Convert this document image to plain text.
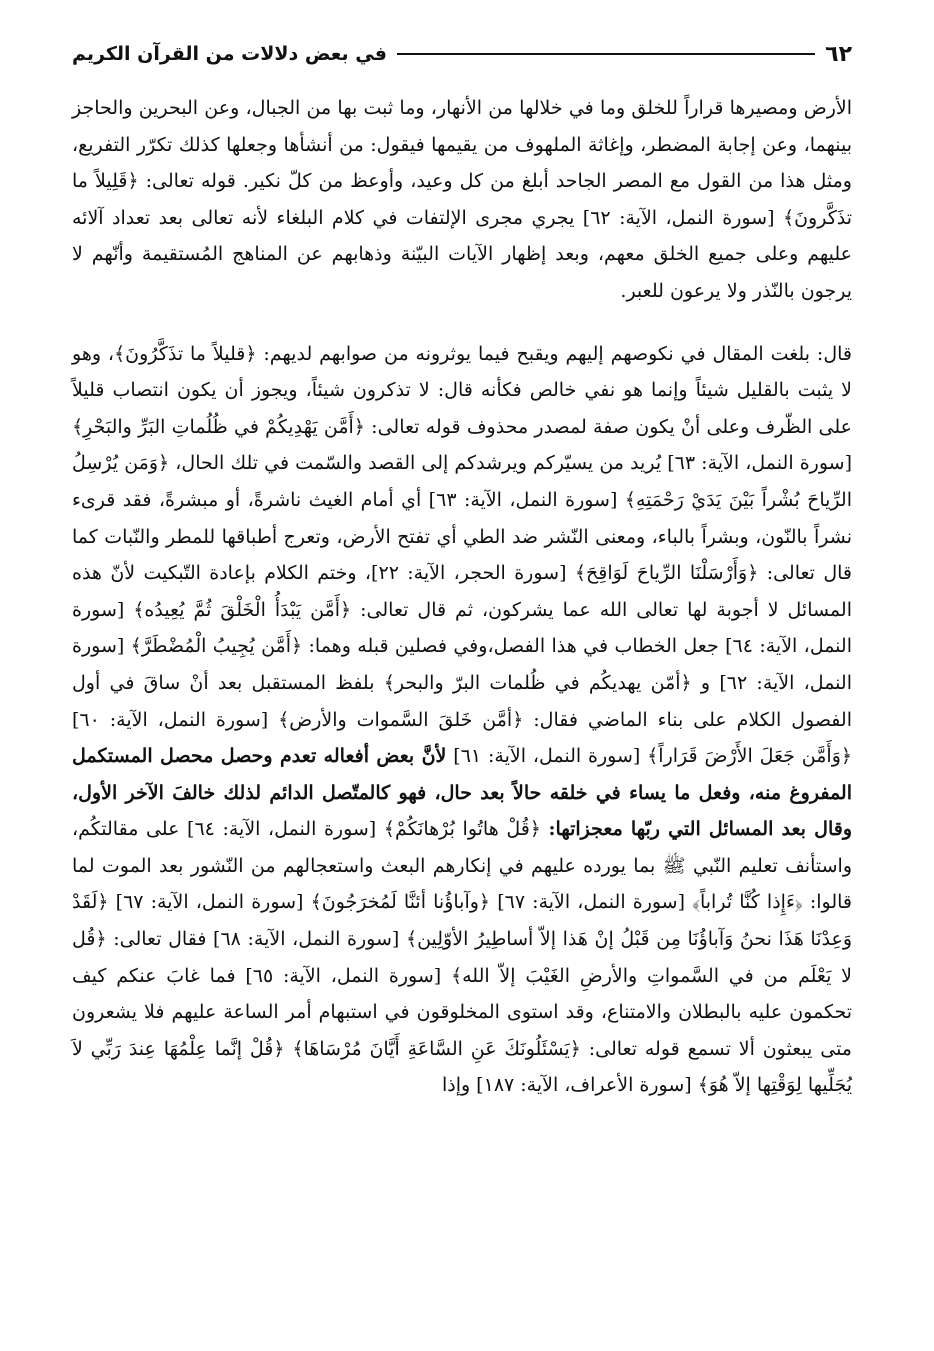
٦٢
في بعض دلالات من القرآن الكريم

الأرض ومصيرها قراراً للخلق وما في خلالها من الأنهار، وما ثبت بها من الجبال، وعن البحرين والحاجز بينهما، وعن إجابة المضطر، وإغاثة الملهوف من يقيمها فيقول: من أنشأها وجعلها كذلك تكرّر التفريع، ومثل هذا من القول مع المصر الجاحد أبلغ من كل وعيد، وأوعظ من كلّ نكير. قوله تعالى: ﴿قَلِيلاً ما تذَكَّرونَ﴾ [سورة النمل، الآية: ٦٢] يجري مجرى الإلتفات في كلام البلغاء لأنه تعالى بعد تعداد آلائه عليهم وعلى جميع الخلق معهم، وبعد إظهار الآيات البيّنة وذهابهم عن المناهج المُستقيمة وأنّهم لا يرجون بالنّذر ولا يرعون للعبر.

قال: بلغت المقال في نكوصهم إليهم ويقبح فيما يوثرونه من صوابهم لديهم: ﴿قليلاً ما تذَكَّرُونَ﴾، وهو لا يثبت بالقليل شيئاً وإنما هو نفي خالص فكأنه قال: لا تذكرون شيئاً، ويجوز أن يكون انتصاب قليلاً على الظّرف وعلى أنْ يكون صفة لمصدر محذوف قوله تعالى: ﴿أَمَّن يَهْدِيكُمْ في ظُلُماتِ البَرِّ والبَحْرِ﴾ [سورة النمل، الآية: ٦٣] يُريد من يسيّركم ويرشدكم إلى القصد والسّمت في تلك الحال، ﴿وَمَن يُرْسِلُ الرِّياحَ بُشْراً بَيْنَ يَدَيْ رَحْمَتِهِ﴾ [سورة النمل، الآية: ٦٣] أي أمام الغيث ناشرةً، أو مبشرةً، فقد قرىء نشراً بالنّون، وبشراً بالباء، ومعنى النّشر ضد الطي أي تفتح الأرض، وتعرج أطباقها للمطر والنّبات كما قال تعالى: ﴿وَأَرْسَلْنَا الرِّياحَ لَوَاقِحَ﴾ [سورة الحجر، الآية: ٢٢]، وختم الكلام بإعادة التّبكيت لأنّ هذه المسائل لا أجوبة لها تعالى الله عما يشركون، ثم قال تعالى: ﴿أَمَّن يَبْدَأُ الْخَلْقَ ثُمَّ يُعِيدُه﴾ [سورة النمل، الآية: ٦٤] جعل الخطاب في هذا الفصل،وفي فصلين قبله وهما: ﴿أَمَّن يُجِيبُ الْمُضْطَرَّ﴾ [سورة النمل، الآية: ٦٢] و ﴿أمّن يهديكُم في ظُلمات البرّ والبحر﴾ بلفظ المستقبل بعد أنْ ساقَ في أول الفصول الكلام على بناء الماضي فقال: ﴿أمَّن خَلقَ السَّموات والأرض﴾ [سورة النمل، الآية: ٦٠] ﴿وَأَمَّن جَعَلَ الأَرْضَ قَرَاراً﴾ [سورة النمل، الآية: ٦١] لأنَّ بعض أفعاله تعدم وحصل محصل المستكمل المفروغ منه، وفعل ما يساء في خلقه حالاً بعد حال، فهو كالمتّصل الدائم لذلك خالفَ الآخر الأول، وقال بعد المسائل التي ربّها معجزاتها: ﴿قُلْ هاتُوا بُرْهانَكُمْ﴾ [سورة النمل، الآية: ٦٤] على مقالتكُم، واستأنف تعليم النّبي ﷺ بما يورده عليهم في إنكارهم البعث واستعجالهم من النّشور بعد الموت لما قالوا: ﴿ءَإِذا كُنَّا تُراباً﴾ [سورة النمل، الآية: ٦٧] ﴿وآباؤُنا أئنَّا لَمُخرَجُونَ﴾ [سورة النمل، الآية: ٦٧] ﴿لَقَدْ وَعِدْنَا هَذَا نحنُ وَآباؤُنَا مِن قَبْلُ إنْ هَذا إلاّ أساطِيرُ الأوّلِين﴾ [سورة النمل، الآية: ٦٨] فقال تعالى: ﴿قُل لا يَعْلَم من في السَّمواتِ والأرضِ الغَيْبَ إلاّ الله﴾ [سورة النمل، الآية: ٦٥] فما غابَ عنكم كيف تحكمون عليه بالبطلان والامتناع، وقد استوى المخلوقون في استبهام أمر الساعة عليهم فلا يشعرون متى يبعثون ألا تسمع قوله تعالى: ﴿يَسْئَلُونَكَ عَنِ السَّاعَةِ أَيَّانَ مُرْسَاهَا﴾ ﴿قُلْ إنَّما عِلْمُهَا عِندَ رَبِّي لاَ يُجَلِّيها لِوَقْتِها إلاّ هُوَ﴾ [سورة الأعراف، الآية: ١٨٧] وإذا
